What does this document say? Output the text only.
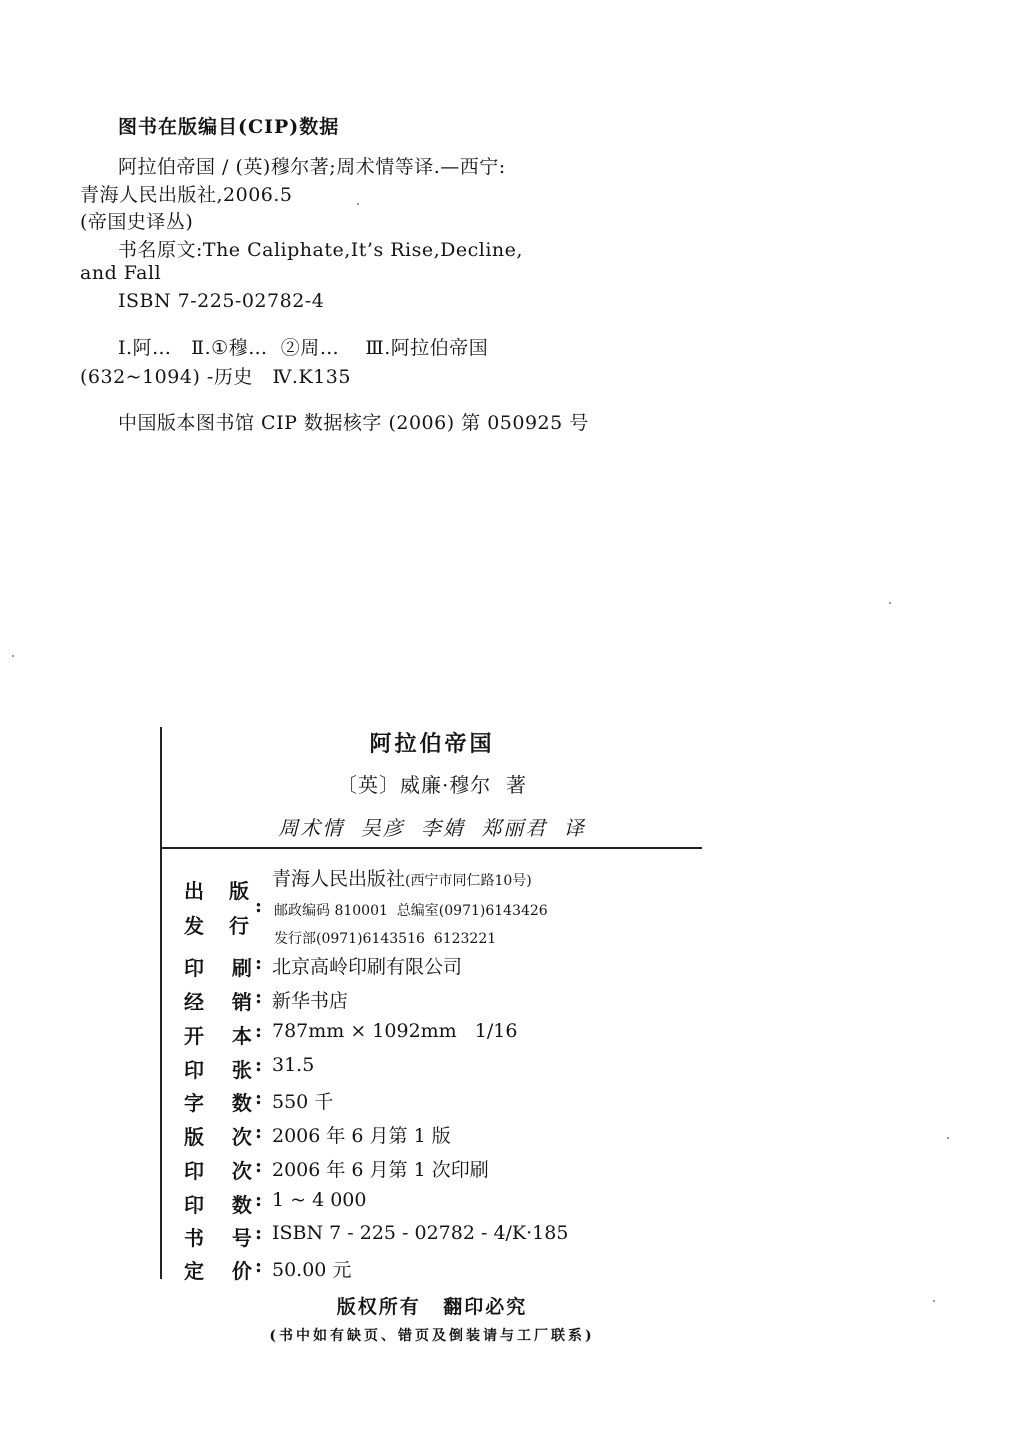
图书在版编目(CIP)数据
阿拉伯帝国 / (英)穆尔著;周术情等译.—西宁:
青海人民出版社,2006.5
(帝国史译丛)
书名原文:The Caliphate,It’s Rise,Decline,
and Fall
ISBN 7-225-02782-4
Ⅰ.阿…   Ⅱ.①穆…  ②周…    Ⅲ.阿拉伯帝国
(632~1094) -历史   Ⅳ.K135
中国版本图书馆 CIP 数据核字 (2006) 第 050925 号
阿拉伯帝国
〔英〕威廉·穆尔  著
周术情 吴彦 李婧 郑丽君 译
出 版
发 行
:
青海人民出版社(西宁市同仁路10号)
邮政编码 810001  总编室(0971)6143426
发行部(0971)6143516  6123221
印    刷 : 北京高岭印刷有限公司
经    销 : 新华书店
开    本 : 787mm × 1092mm   1/16
印    张 : 31.5
字    数 : 550 千
版    次 : 2006 年 6 月第 1 版
印    次 : 2006 年 6 月第 1 次印刷
印    数 : 1 ~ 4 000
书    号 : ISBN 7 - 225 - 02782 - 4/K·185
定    价 : 50.00 元
版权所有 翻印必究
(书中如有缺页、错页及倒装请与工厂联系)
